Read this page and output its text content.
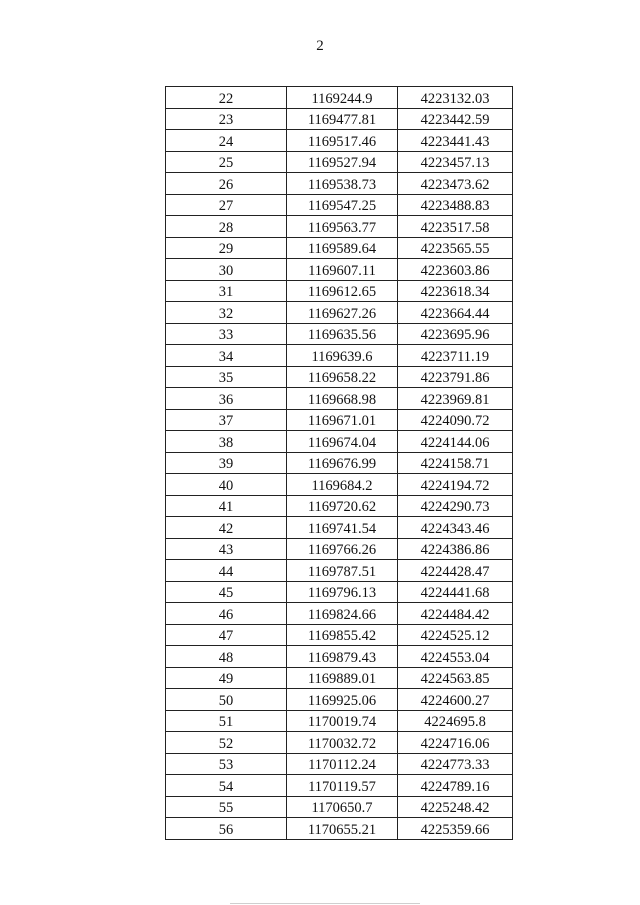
2
22	1169244.9	4223132.03
23	1169477.81	4223442.59
24	1169517.46	4223441.43
25	1169527.94	4223457.13
26	1169538.73	4223473.62
27	1169547.25	4223488.83
28	1169563.77	4223517.58
29	1169589.64	4223565.55
30	1169607.11	4223603.86
31	1169612.65	4223618.34
32	1169627.26	4223664.44
33	1169635.56	4223695.96
34	1169639.6	4223711.19
35	1169658.22	4223791.86
36	1169668.98	4223969.81
37	1169671.01	4224090.72
38	1169674.04	4224144.06
39	1169676.99	4224158.71
40	1169684.2	4224194.72
41	1169720.62	4224290.73
42	1169741.54	4224343.46
43	1169766.26	4224386.86
44	1169787.51	4224428.47
45	1169796.13	4224441.68
46	1169824.66	4224484.42
47	1169855.42	4224525.12
48	1169879.43	4224553.04
49	1169889.01	4224563.85
50	1169925.06	4224600.27
51	1170019.74	4224695.8
52	1170032.72	4224716.06
53	1170112.24	4224773.33
54	1170119.57	4224789.16
55	1170650.7	4225248.42
56	1170655.21	4225359.66
